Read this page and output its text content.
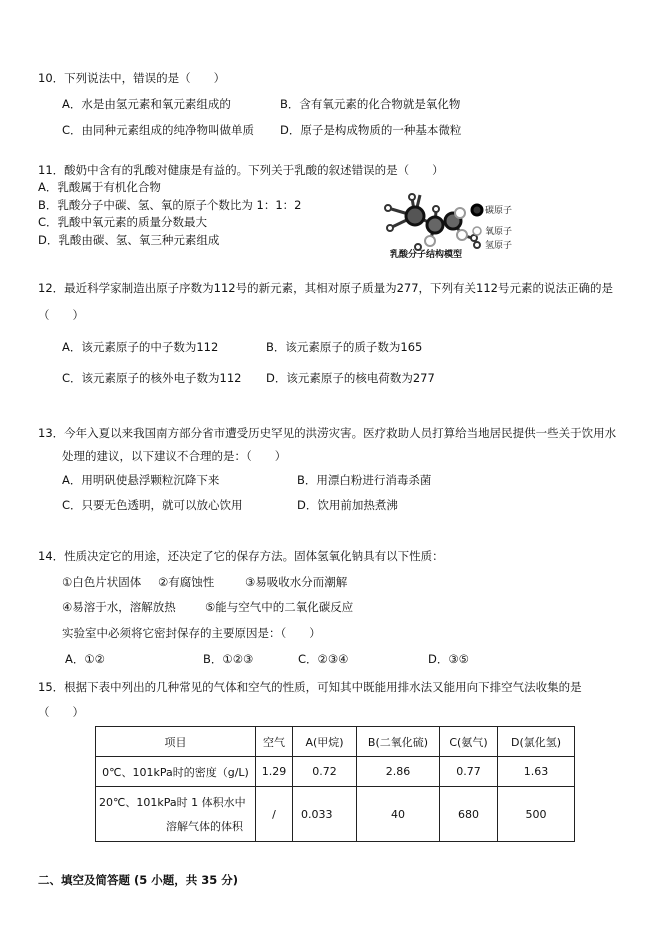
10．下列说法中，错误的是（　　）
A．水是由氢元素和氧元素组成的	B．含有氧元素的化合物就是氧化物
C．由同种元素组成的纯净物叫做单质 D．原子是构成物质的一种基本微粒
11．酸奶中含有的乳酸对健康是有益的。下列关于乳酸的叙述错误的是（　　）
A．乳酸属于有机化合物
B．乳酸分子中碳、氢、氧的原子个数比为 1：1：2
C．乳酸中氧元素的质量分数最大
D．乳酸由碳、氢、氧三种元素组成
碳原子
氧原子
氢原子
乳酸分子结构模型
12．最近科学家制造出原子序数为112号的新元素，其相对原子质量为277，下列有关112号元素的说法正确的是
（　　）
A．该元素原子的中子数为112	B．该元素原子的质子数为165
C．该元素原子的核外电子数为112 D．该元素原子的核电荷数为277
13．今年入夏以来我国南方部分省市遭受历史罕见的洪涝灾害。医疗救助人员打算给当地居民提供一些关于饮用水
处理的建议，以下建议不合理的是：（　　）
A．用明矾使悬浮颗粒沉降下来	B．用漂白粉进行消毒杀菌
C．只要无色透明，就可以放心饮用	D．饮用前加热煮沸
14．性质决定它的用途，还决定了它的保存方法。固体氢氧化钠具有以下性质：
①白色片状固体 ②有腐蚀性	③易吸收水分而潮解
④易溶于水，溶解放热	⑤能与空气中的二氧化碳反应
实验室中必须将它密封保存的主要原因是：（　　）
A．①②	B．①②③	C．②③④	D．③⑤
15．根据下表中列出的几种常见的气体和空气的性质，可知其中既能用排水法又能用向下排空气法收集的是
（　　）
项目	空气	A(甲烷)	B(二氧化硫)	C(氨气)	D(氯化氢)
0℃、101kPa时的密度（g/L)	1.29	0.72	2.86	0.77	1.63

20℃、101kPa时 1 体积水中
溶解气体的体积	/	0.033	40	680	500
二、填空及简答题 (5 小题，共 35 分)
